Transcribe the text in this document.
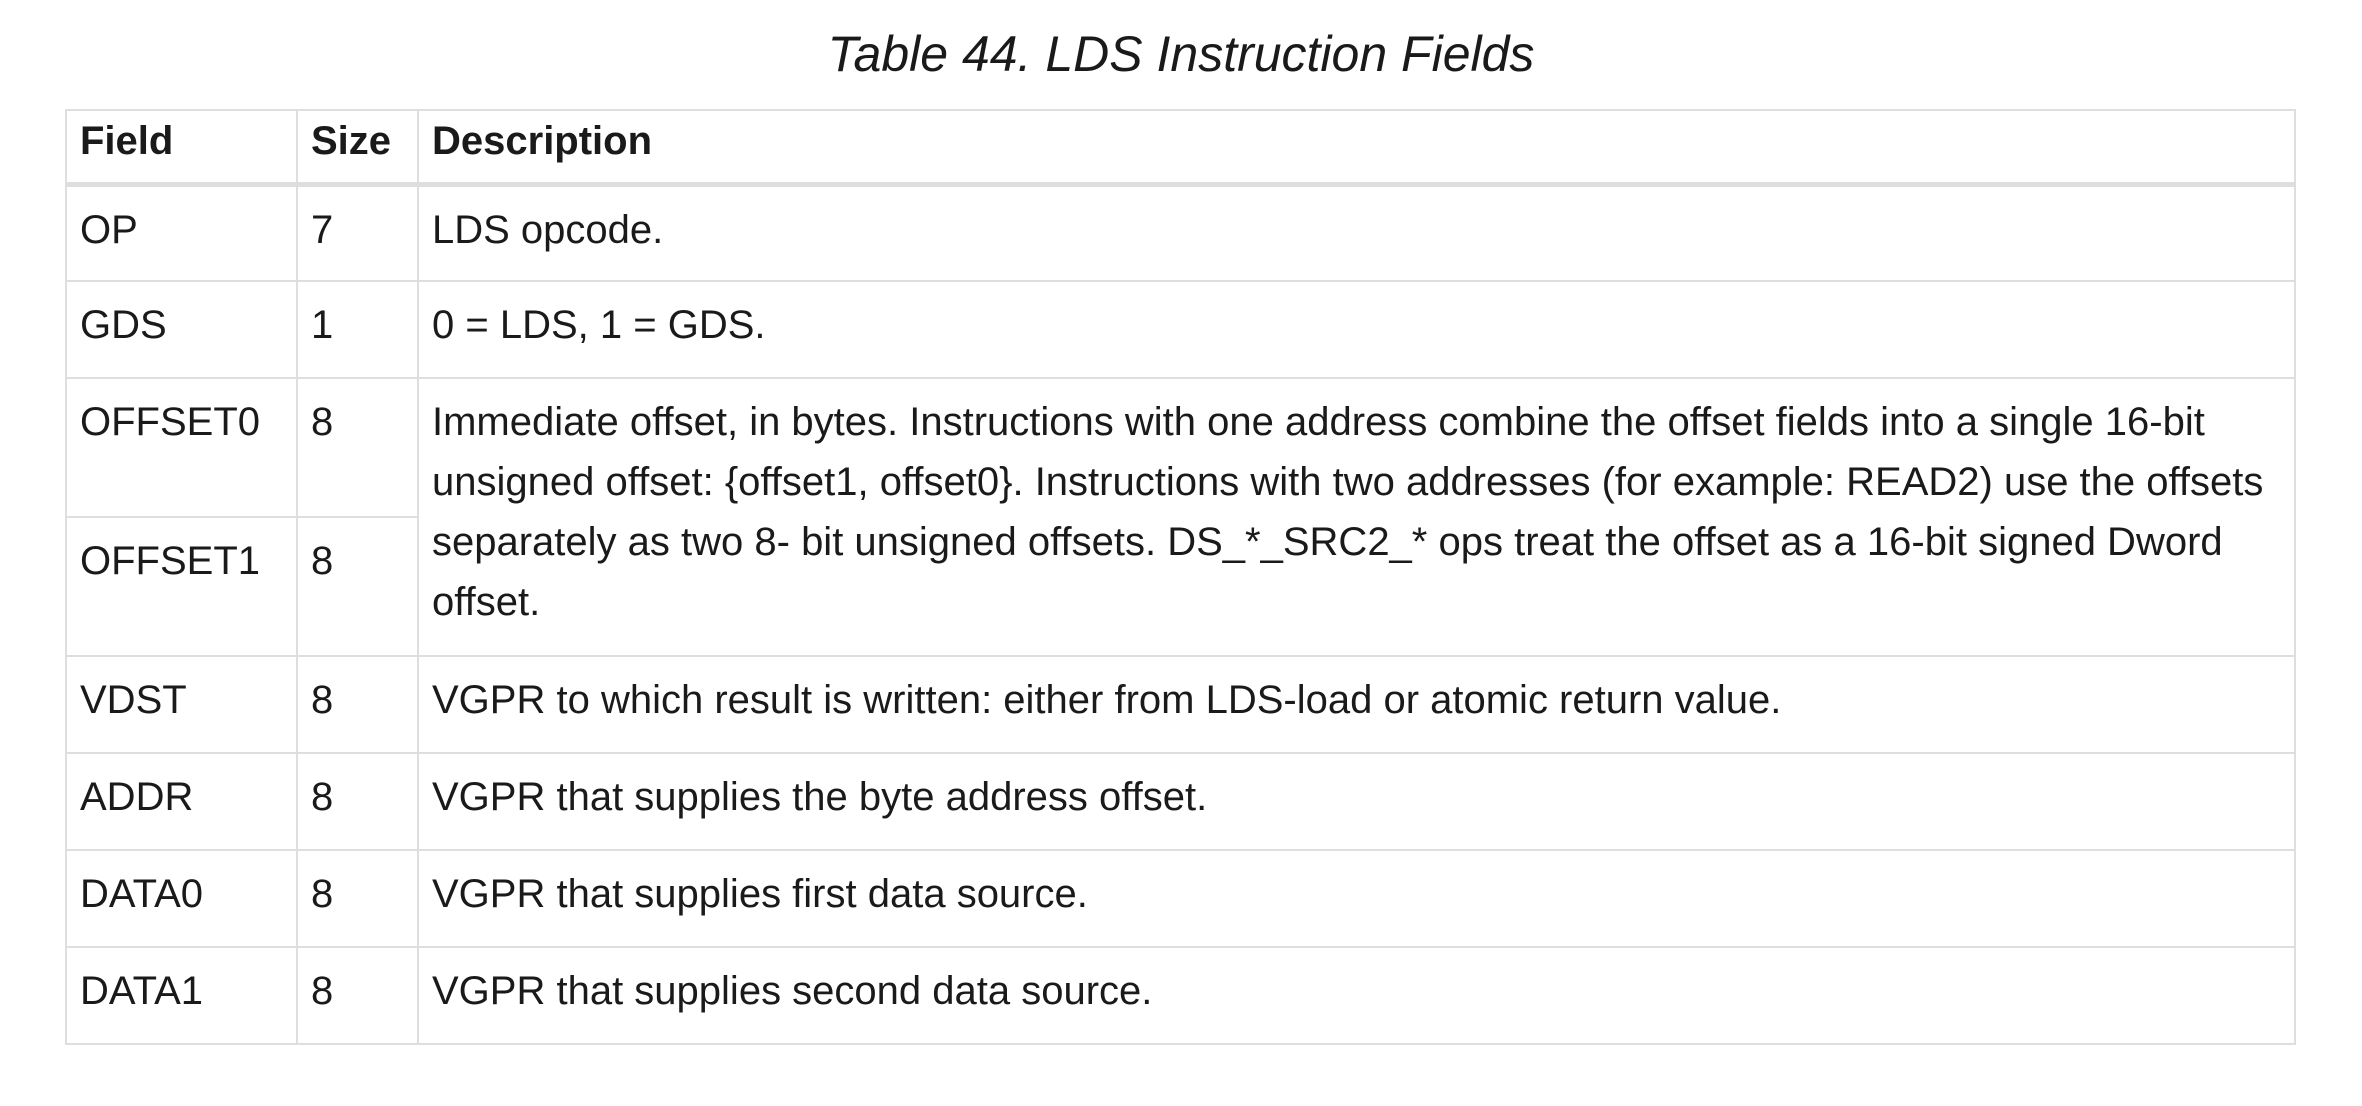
Table 44. LDS Instruction Fields
Field	Size	Description
OP	7	LDS opcode.
GDS	1	0 = LDS, 1 = GDS.
OFFSET0	8	Immediate offset, in bytes. Instructions with one address combine the offset fields into a single 16-bit unsigned offset: {offset1, offset0}. Instructions with two addresses (for example: READ2) use the offsets separately as two 8- bit unsigned offsets. DS_*_SRC2_* ops treat the offset as a 16-bit signed Dword offset.
OFFSET1	8	
VDST	8	VGPR to which result is written: either from LDS-load or atomic return value.
ADDR	8	VGPR that supplies the byte address offset.
DATA0	8	VGPR that supplies first data source.
DATA1	8	VGPR that supplies second data source.
